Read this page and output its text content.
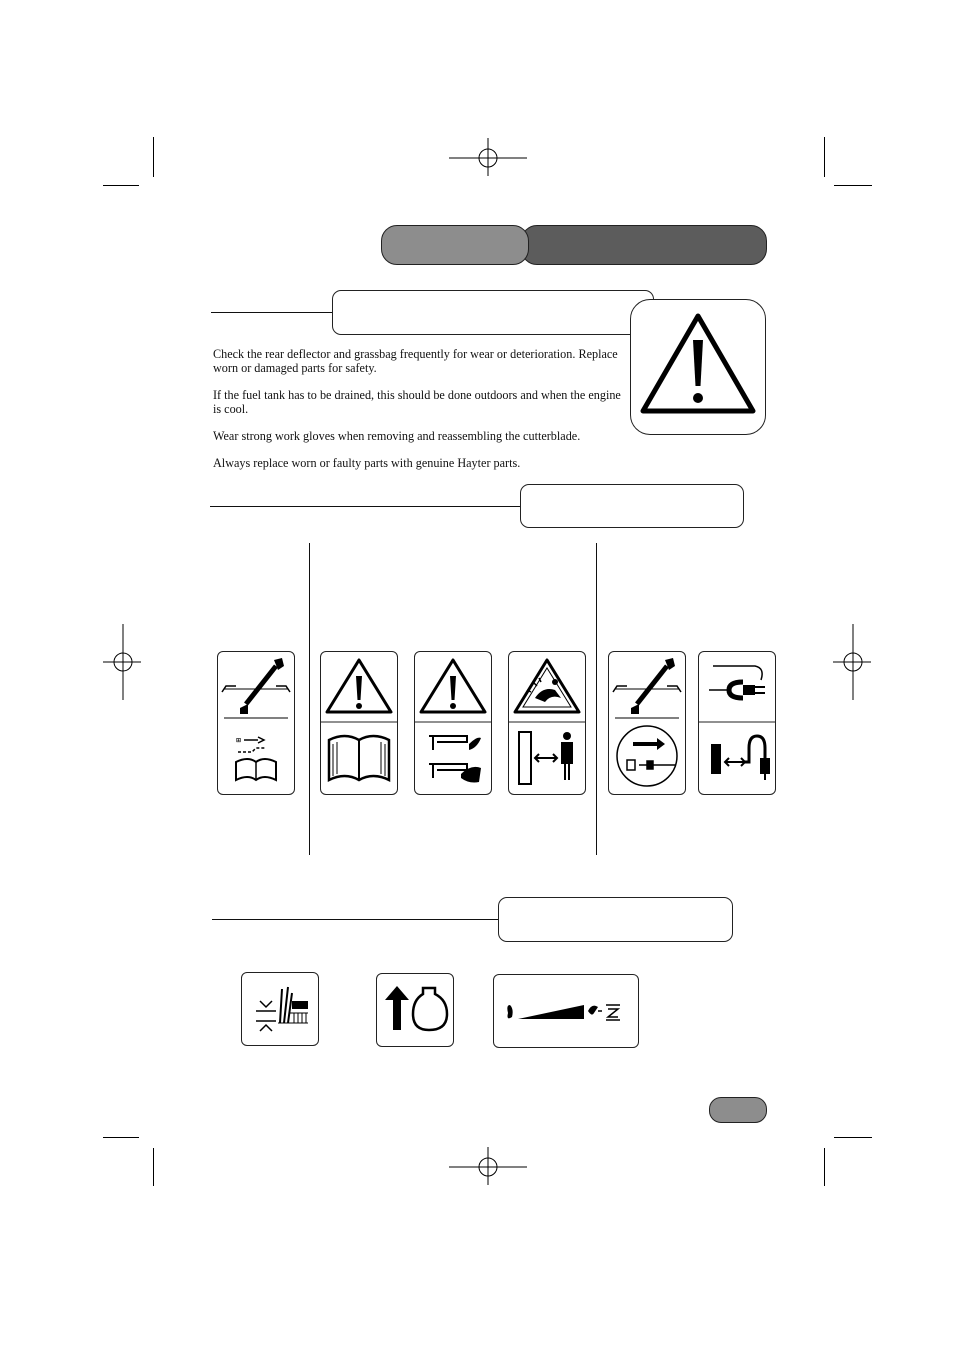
Check the rear deflector and grassbag frequently for wear or deterioration. Replace worn or damaged parts for safety.

If the fuel tank has to be drained, this should be done outdoors and when the engine is cool.

Wear strong work gloves when removing and reassembling the cutterblade.

Always replace worn or faulty parts with genuine Hayter parts.

⊞
